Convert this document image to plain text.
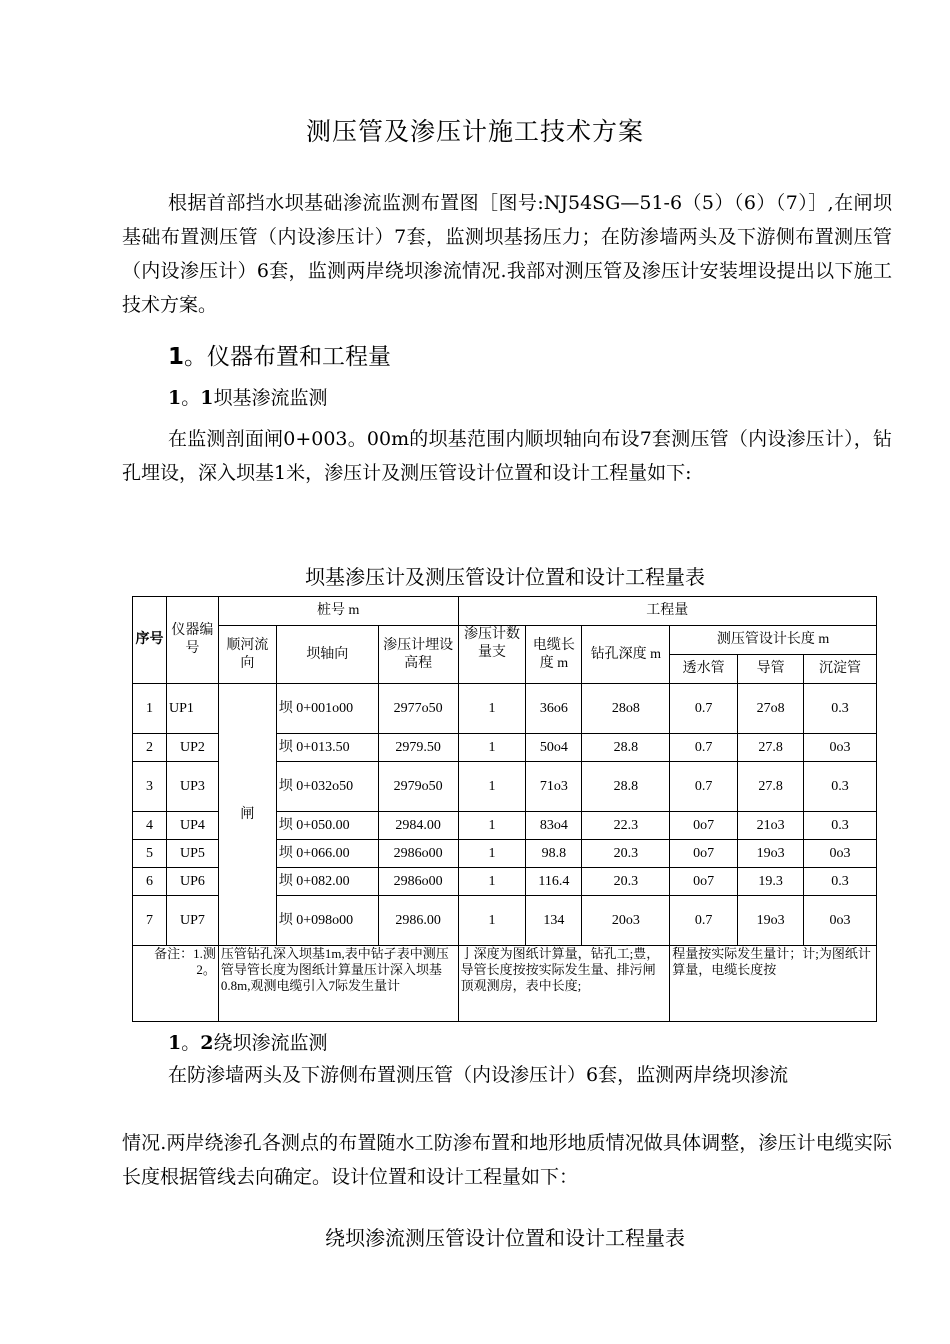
测压管及渗压计施工技术方案

根据首部挡水坝基础渗流监测布置图［图号:NJ54SG—51-6（5）（6）（7）］,在闸坝基础布置测压管（内设渗压计）7套，监测坝基扬压力；在防渗墙两头及下游侧布置测压管（内设渗压计）6套，监测两岸绕坝渗流情况.我部对测压管及渗压计安装埋设提出以下施工技术方案。

1。仪器布置和工程量
1。1坝基渗流监测

在监测剖面闸0+003。00m的坝基范围内顺坝轴向布设7套测压管（内设渗压计），钻孔埋设，深入坝基1米，渗压计及测压管设计位置和设计工程量如下:

坝基渗压计及测压管设计位置和设计工程量表
序号	仪器编号	桩号 m			工程量					
		顺河流向	坝轴向	渗压计埋设高程	渗压计数量支	电缆长度 m	钻孔深度 m	测压管设计长度 m		
								透水管	导管	沉淀管
1	UP1	闸	坝 0+001o00	2977o50	1	36o6	28o8	0.7	27o8	0.3
2	UP2		坝 0+013.50	2979.50	1	50o4	28.8	0.7	27.8	0o3
3	UP3		坝 0+032o50	2979o50	1	71o3	28.8	0.7	27.8	0.3
4	UP4		坝 0+050.00	2984.00	1	83o4	22.3	0o7	21o3	0.3
5	UP5		坝 0+066.00	2986o00	1	98.8	20.3	0o7	19o3	0o3
6	UP6		坝 0+082.00	2986o00	1	116.4	20.3	0o7	19.3	0.3
7	UP7		坝 0+098o00	2986.00	1	134	20o3	0.7	19o3	0o3
备注：1.测2。		压管钻孔深入坝基1m,表中钻孑表中测压管导管长度为图纸计算量压计深入坝基0.8m,观测电缆引入7际发生量计			亅深度为图纸计算量，钻孔工;豊，导管长度按按实际发生量、排污闸顶观测房，表中长度;			程量按实际发生量计；计;为图纸计算量，电缆长度按		
1。2绕坝渗流监测

在防渗墙两头及下游侧布置测压管（内设渗压计）6套，监测两岸绕坝渗流

情况.两岸绕渗孔各测点的布置随水工防渗布置和地形地质情况做具体调整，渗压计电缆实际长度根据管线去向确定。设计位置和设计工程量如下：

绕坝渗流测压管设计位置和设计工程量表
